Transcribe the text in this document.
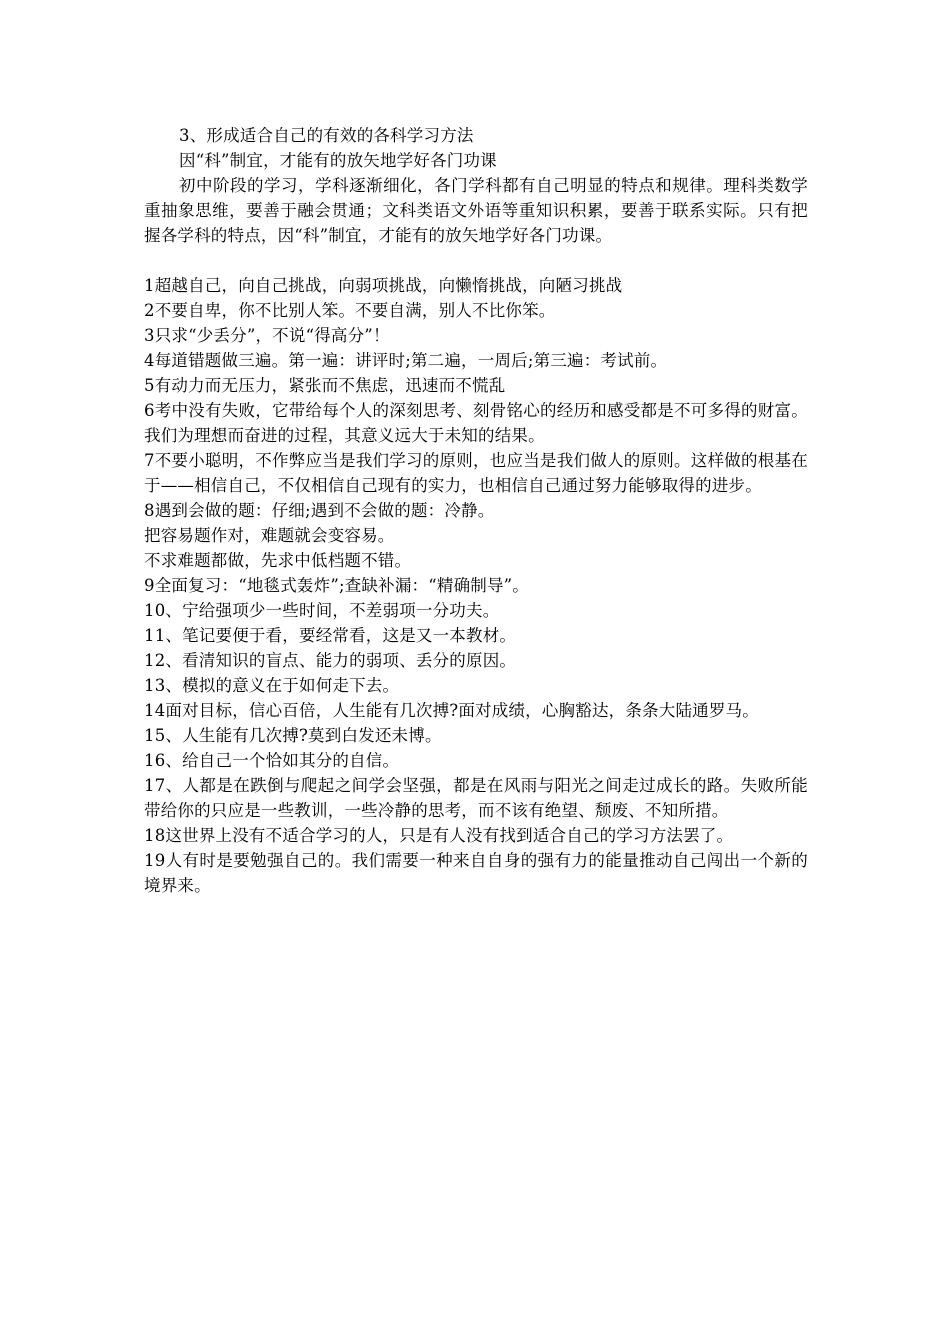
3、形成适合自己的有效的各科学习方法

因“科”制宜，才能有的放矢地学好各门功课

初中阶段的学习，学科逐渐细化，各门学科都有自己明显的特点和规律。理科类数学重抽象思维，要善于融会贯通；文科类语文外语等重知识积累，要善于联系实际。只有把握各学科的特点，因“科”制宜，才能有的放矢地学好各门功课。

1超越自己，向自己挑战，向弱项挑战，向懒惰挑战，向陋习挑战

2不要自卑，你不比别人笨。不要自满，别人不比你笨。

3只求“少丢分”，不说“得高分”！

4每道错题做三遍。第一遍：讲评时;第二遍，一周后;第三遍：考试前。

5有动力而无压力，紧张而不焦虑，迅速而不慌乱

6考中没有失败，它带给每个人的深刻思考、刻骨铭心的经历和感受都是不可多得的财富。我们为理想而奋进的过程，其意义远大于未知的结果。

7不要小聪明，不作弊应当是我们学习的原则，也应当是我们做人的原则。这样做的根基在于——相信自己，不仅相信自己现有的实力，也相信自己通过努力能够取得的进步。

8遇到会做的题：仔细;遇到不会做的题：冷静。

把容易题作对，难题就会变容易。

不求难题都做，先求中低档题不错。

9全面复习：“地毯式轰炸”;查缺补漏：“精确制导”。

10、宁给强项少一些时间，不差弱项一分功夫。

11、笔记要便于看，要经常看，这是又一本教材。

12、看清知识的盲点、能力的弱项、丢分的原因。

13、模拟的意义在于如何走下去。

14面对目标，信心百倍，人生能有几次搏?面对成绩，心胸豁达，条条大陆通罗马。

15、人生能有几次搏?莫到白发还未博。

16、给自己一个恰如其分的自信。

17、人都是在跌倒与爬起之间学会坚强，都是在风雨与阳光之间走过成长的路。失败所能带给你的只应是一些教训，一些冷静的思考，而不该有绝望、颓废、不知所措。

18这世界上没有不适合学习的人，只是有人没有找到适合自己的学习方法罢了。

19人有时是要勉强自己的。我们需要一种来自自身的强有力的能量推动自己闯出一个新的境界来。
